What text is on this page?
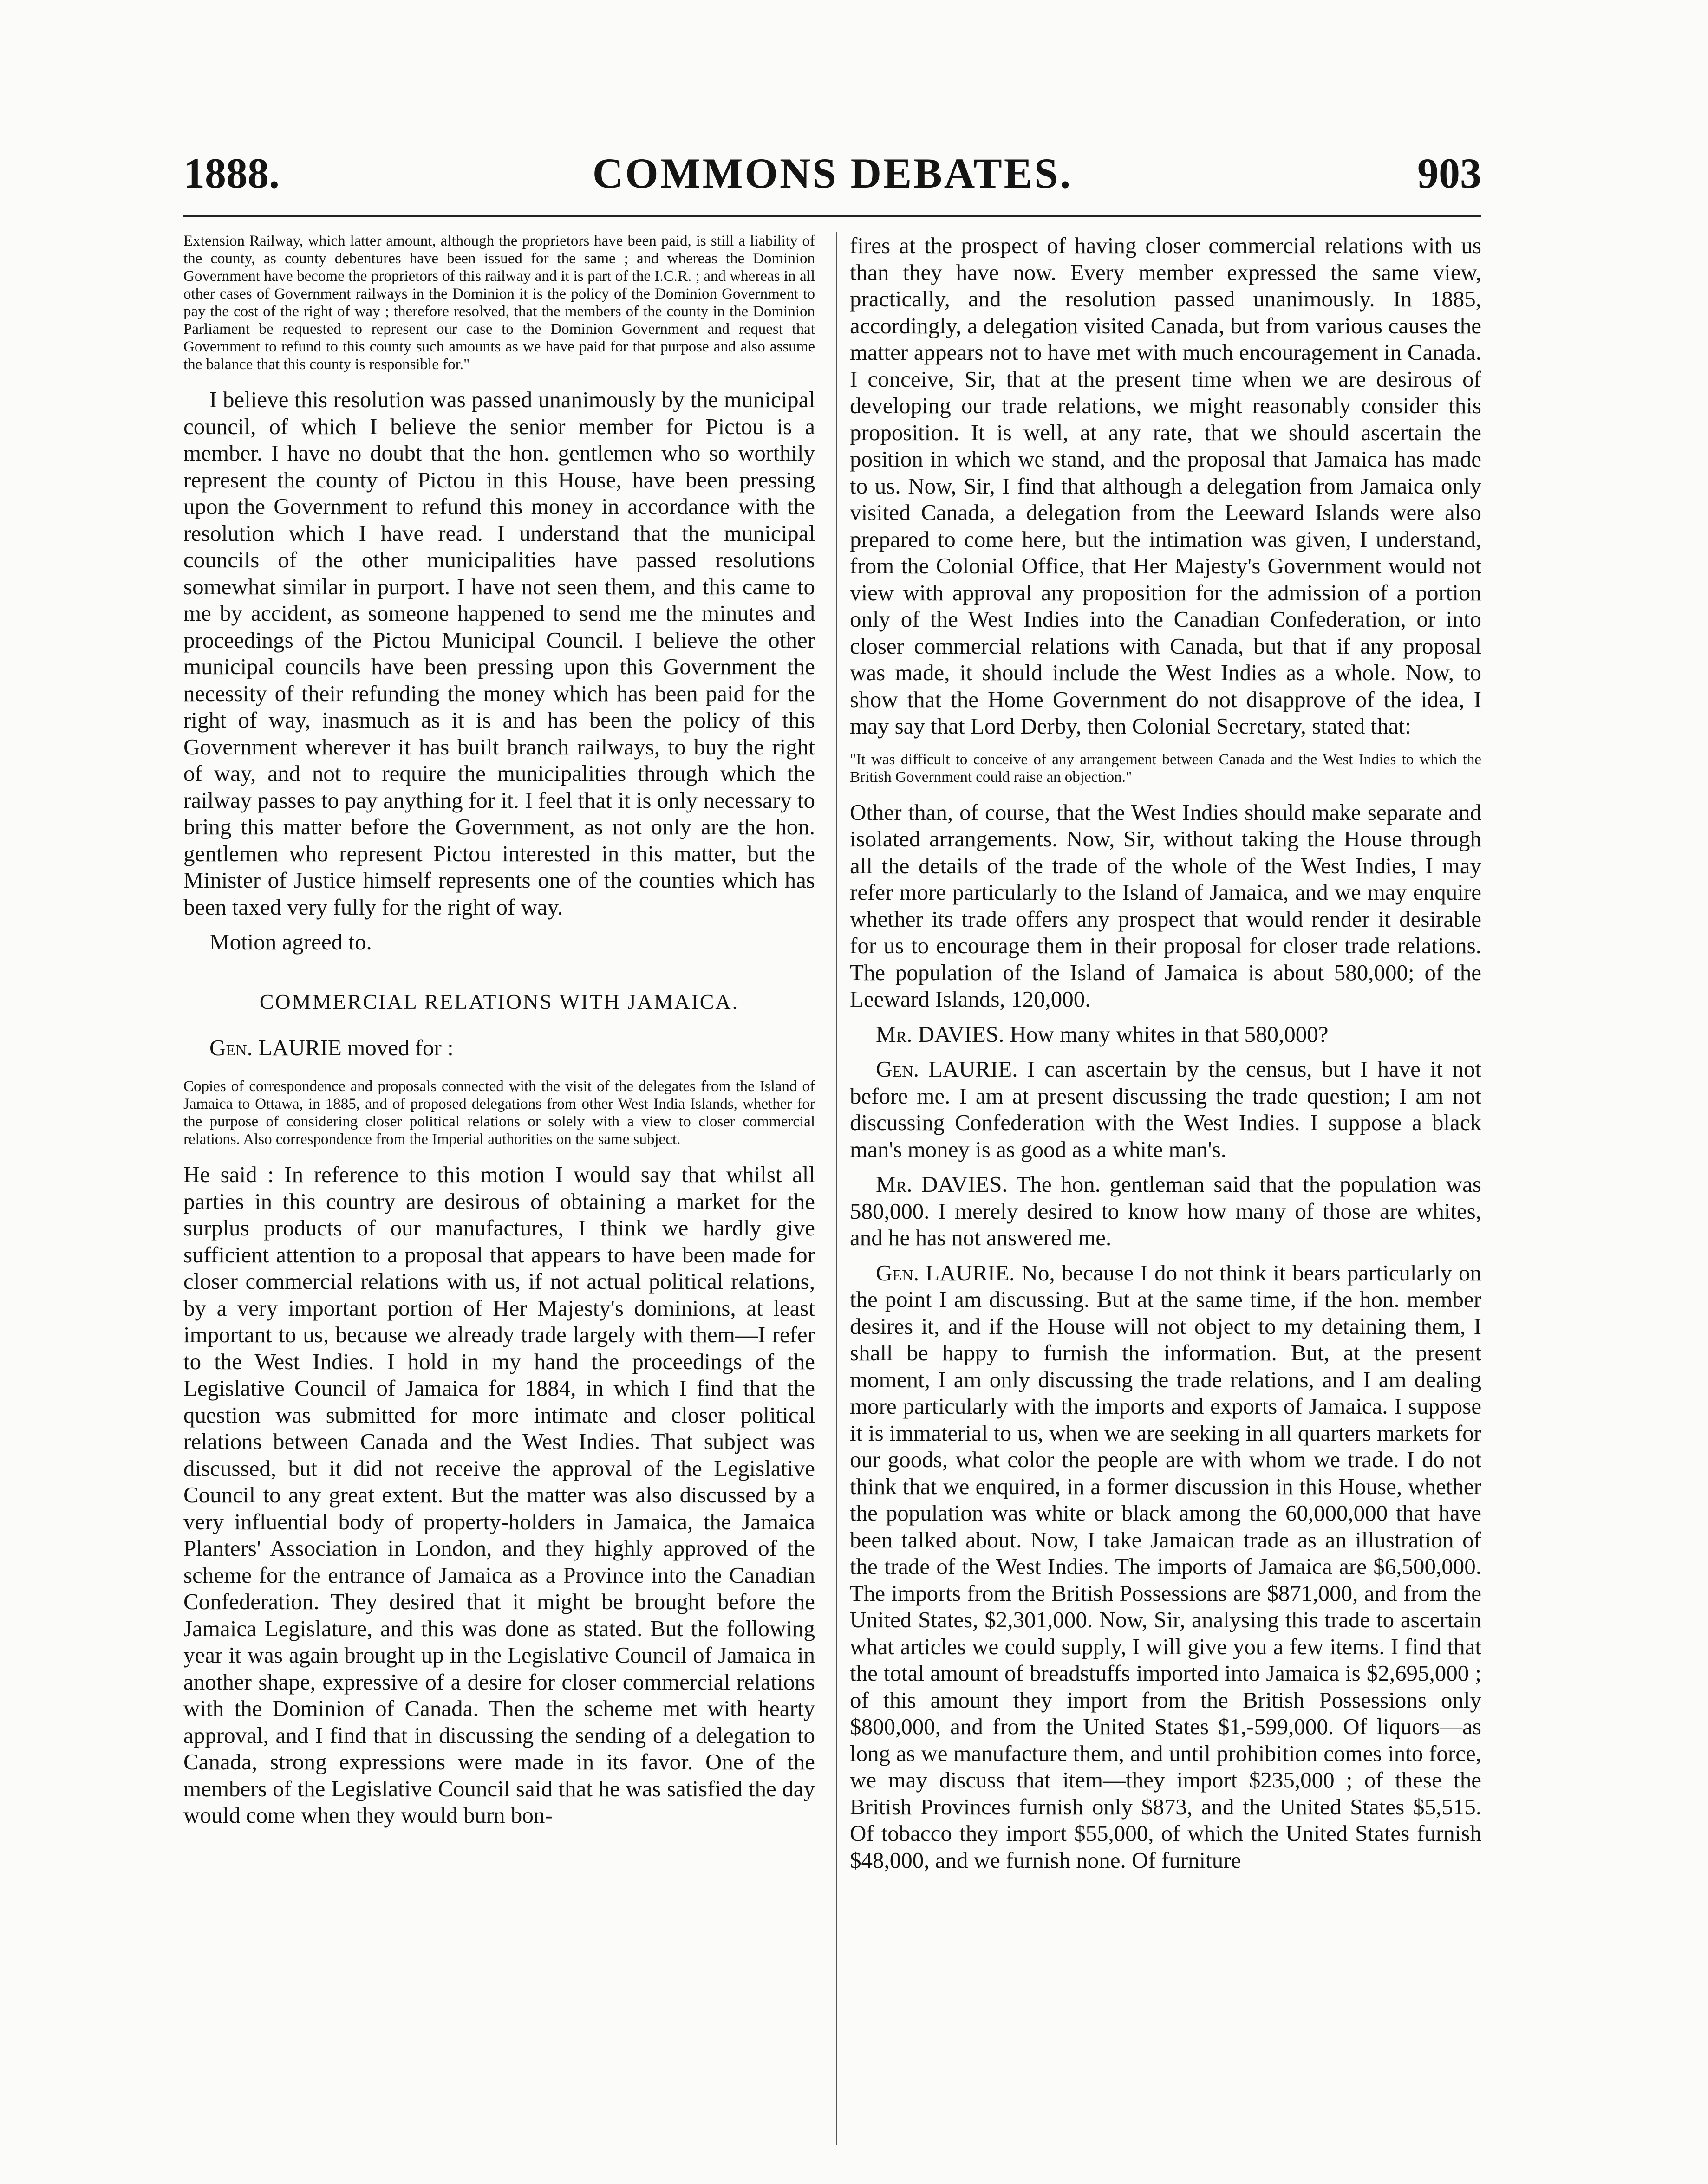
1888.	COMMONS DEBATES.	903

Extension Railway, which latter amount, although the proprietors have been paid, is still a liability of the county, as county debentures have been issued for the same ; and whereas the Dominion Government have become the proprietors of this railway and it is part of the I.C.R. ; and whereas in all other cases of Government railways in the Dominion it is the policy of the Dominion Government to pay the cost of the right of way ; therefore resolved, that the members of the county in the Dominion Parliament be requested to represent our case to the Dominion Government and request that Government to refund to this county such amounts as we have paid for that purpose and also assume the balance that this county is responsible for."

I believe this resolution was passed unanimously by the municipal council, of which I believe the senior member for Pictou is a member. I have no doubt that the hon. gentlemen who so worthily represent the county of Pictou in this House, have been pressing upon the Government to refund this money in accordance with the resolution which I have read. I understand that the municipal councils of the other municipalities have passed resolutions somewhat similar in purport. I have not seen them, and this came to me by accident, as someone happened to send me the minutes and proceedings of the Pictou Municipal Council. I believe the other municipal councils have been pressing upon this Government the necessity of their refunding the money which has been paid for the right of way, inasmuch as it is and has been the policy of this Government wherever it has built branch railways, to buy the right of way, and not to require the municipalities through which the railway passes to pay anything for it. I feel that it is only necessary to bring this matter before the Government, as not only are the hon. gentlemen who represent Pictou interested in this matter, but the Minister of Justice himself represents one of the counties which has been taxed very fully for the right of way.

Motion agreed to.

COMMERCIAL RELATIONS WITH JAMAICA.

Gen. LAURIE moved for :

Copies of correspondence and proposals connected with the visit of the delegates from the Island of Jamaica to Ottawa, in 1885, and of proposed delegations from other West India Islands, whether for the purpose of considering closer political relations or solely with a view to closer commercial relations. Also correspondence from the Imperial authorities on the same subject.

He said : In reference to this motion I would say that whilst all parties in this country are desirous of obtaining a market for the surplus products of our manufactures, I think we hardly give sufficient attention to a proposal that appears to have been made for closer commercial relations with us, if not actual political relations, by a very important portion of Her Majesty's dominions, at least important to us, because we already trade largely with them—I refer to the West Indies. I hold in my hand the proceedings of the Legislative Council of Jamaica for 1884, in which I find that the question was submitted for more intimate and closer political relations between Canada and the West Indies. That subject was discussed, but it did not receive the approval of the Legislative Council to any great extent. But the matter was also discussed by a very influential body of property-holders in Jamaica, the Jamaica Planters' Association in London, and they highly approved of the scheme for the entrance of Jamaica as a Province into the Canadian Confederation. They desired that it might be brought before the Jamaica Legislature, and this was done as stated. But the following year it was again brought up in the Legislative Council of Jamaica in another shape, expressive of a desire for closer commercial relations with the Dominion of Canada. Then the scheme met with hearty approval, and I find that in discussing the sending of a delegation to Canada, strong expressions were made in its favor. One of the members of the Legislative Council said that he was satisfied the day would come when they would burn bon-

fires at the prospect of having closer commercial relations with us than they have now. Every member expressed the same view, practically, and the resolution passed unanimously. In 1885, accordingly, a delegation visited Canada, but from various causes the matter appears not to have met with much encouragement in Canada. I conceive, Sir, that at the present time when we are desirous of developing our trade relations, we might reasonably consider this proposition. It is well, at any rate, that we should ascertain the position in which we stand, and the proposal that Jamaica has made to us. Now, Sir, I find that although a delegation from Jamaica only visited Canada, a delegation from the Leeward Islands were also prepared to come here, but the intimation was given, I understand, from the Colonial Office, that Her Majesty's Government would not view with approval any proposition for the admission of a portion only of the West Indies into the Canadian Confederation, or into closer commercial relations with Canada, but that if any proposal was made, it should include the West Indies as a whole. Now, to show that the Home Government do not disapprove of the idea, I may say that Lord Derby, then Colonial Secretary, stated that:

"It was difficult to conceive of any arrangement between Canada and the West Indies to which the British Government could raise an objection."

Other than, of course, that the West Indies should make separate and isolated arrangements. Now, Sir, without taking the House through all the details of the trade of the whole of the West Indies, I may refer more particularly to the Island of Jamaica, and we may enquire whether its trade offers any prospect that would render it desirable for us to encourage them in their proposal for closer trade relations. The population of the Island of Jamaica is about 580,000; of the Leeward Islands, 120,000.

Mr. DAVIES. How many whites in that 580,000?

Gen. LAURIE. I can ascertain by the census, but I have it not before me. I am at present discussing the trade question; I am not discussing Confederation with the West Indies. I suppose a black man's money is as good as a white man's.

Mr. DAVIES. The hon. gentleman said that the population was 580,000. I merely desired to know how many of those are whites, and he has not answered me.

Gen. LAURIE. No, because I do not think it bears particularly on the point I am discussing. But at the same time, if the hon. member desires it, and if the House will not object to my detaining them, I shall be happy to furnish the information. But, at the present moment, I am only discussing the trade relations, and I am dealing more particularly with the imports and exports of Jamaica. I suppose it is immaterial to us, when we are seeking in all quarters markets for our goods, what color the people are with whom we trade. I do not think that we enquired, in a former discussion in this House, whether the population was white or black among the 60,000,000 that have been talked about. Now, I take Jamaican trade as an illustration of the trade of the West Indies. The imports of Jamaica are $6,500,000. The imports from the British Possessions are $871,000, and from the United States, $2,301,000. Now, Sir, analysing this trade to ascertain what articles we could supply, I will give you a few items. I find that the total amount of breadstuffs imported into Jamaica is $2,695,000 ; of this amount they import from the British Possessions only $800,000, and from the United States $1,-599,000. Of liquors—as long as we manufacture them, and until prohibition comes into force, we may discuss that item—they import $235,000 ; of these the British Provinces furnish only $873, and the United States $5,515. Of tobacco they import $55,000, of which the United States furnish $48,000, and we furnish none. Of furniture
